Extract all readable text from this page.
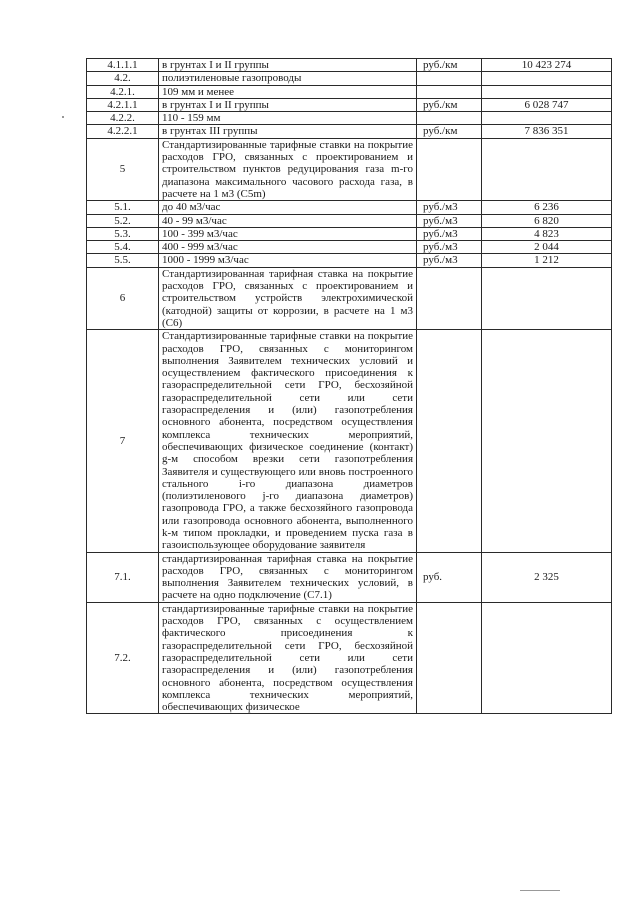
4.1.1.1	в грунтах I и II группы	руб./км	10 423 274
4.2.	полиэтиленовые газопроводы		
4.2.1.	109 мм и менее		
4.2.1.1	в грунтах I и II группы	руб./км	6 028 747
4.2.2.	110 - 159 мм		
4.2.2.1	в грунтах III группы	руб./км	7 836 351
5	Стандартизированные тарифные ставки на покрытие расходов ГРО, связанных с проектированием и строительством пунктов редуцирования газа m-го диапазона максимального часового расхода газа, в расчете на 1 м3 (C5m)		
5.1.	до 40 м3/час	руб./м3	6 236
5.2.	40 - 99 м3/час	руб./м3	6 820
5.3.	100 - 399 м3/час	руб./м3	4 823
5.4.	400 - 999 м3/час	руб./м3	2 044
5.5.	1000 - 1999 м3/час	руб./м3	1 212
6	Стандартизированная тарифная ставка на покрытие расходов ГРО, связанных с проектированием и строительством устройств электрохимической (катодной) защиты от коррозии, в расчете на 1 м3 (C6)		
7	Стандартизированные тарифные ставки на покрытие расходов ГРО, связанных с мониторингом выполнения Заявителем технических условий и осуществлением фактического присоединения к газораспределительной сети ГРО, бесхозяйной газораспределительной сети или сети газораспределения и (или) газопотребления основного абонента, посредством осуществления комплекса технических мероприятий, обеспечивающих физическое соединение (контакт) g-м способом врезки сети газопотребления Заявителя и существующего или вновь построенного стального i-го диапазона диаметров (полиэтиленового j-го диапазона диаметров) газопровода ГРО, а также бесхозяйного газопровода или газопровода основного абонента, выполненного k-м типом прокладки, и проведением пуска газа в газоиспользующее оборудование заявителя		
7.1.	стандартизированная тарифная ставка на покрытие расходов ГРО, связанных с мониторингом выполнения Заявителем технических условий, в расчете на одно подключение (C7.1)	руб.	2 325
7.2.	стандартизированные тарифные ставки на покрытие расходов ГРО, связанных с осуществлением фактического присоединения к газораспределительной сети ГРО, бесхозяйной газораспределительной сети или сети газораспределения и (или) газопотребления основного абонента, посредством осуществления комплекса технических мероприятий, обеспечивающих физическое		
